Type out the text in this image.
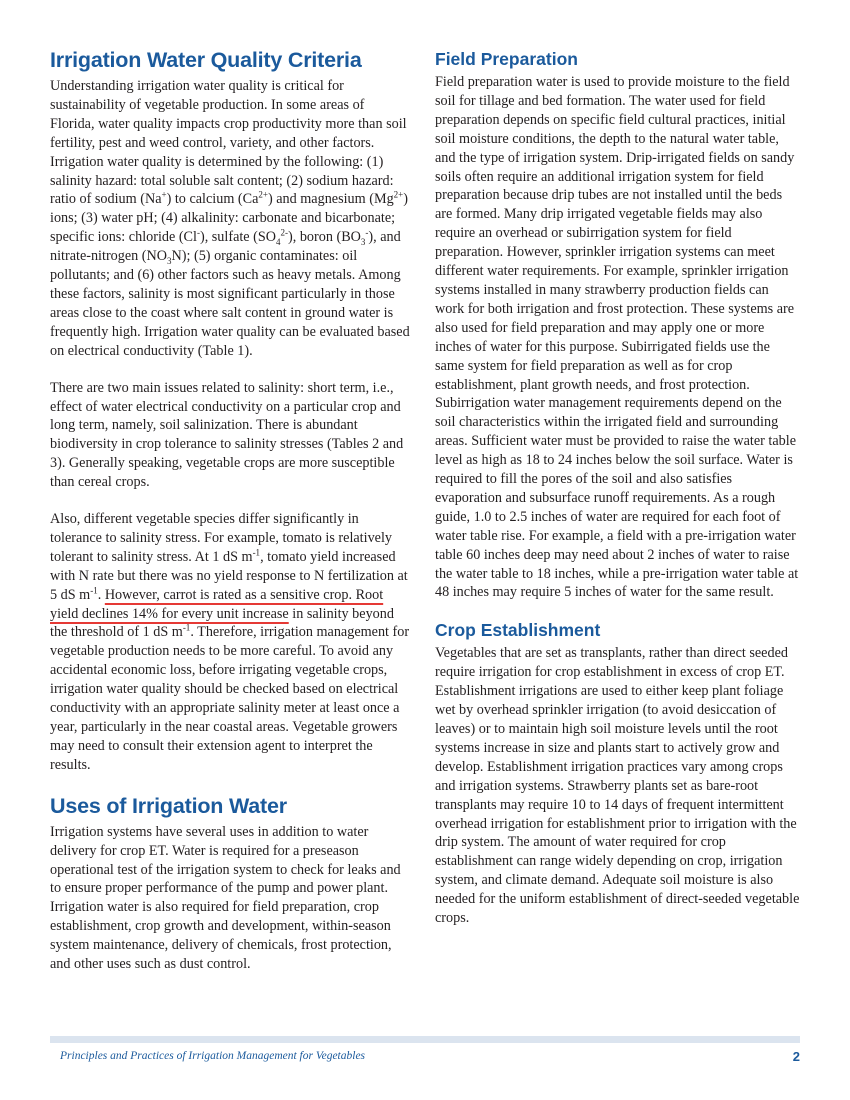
Irrigation Water Quality Criteria

Understanding irrigation water quality is critical for sustainability of vegetable production. In some areas of Florida, water quality impacts crop productivity more than soil fertility, pest and weed control, variety, and other factors. Irrigation water quality is determined by the following: (1) salinity hazard: total soluble salt content; (2) sodium hazard: ratio of sodium (Na+) to calcium $(Ca^{2+})$ and magnesium $(Mg^{2+})$ ions; (3) water pH; (4) alkalinity: carbonate and bicarbonate; specific ions: chloride (Cl-), sulfate $(SO_4^{2-})$, boron $(BO_3^-)$, and nitrate-nitrogen $(NO_3N)$; (5) organic contaminates: oil pollutants; and (6) other factors such as heavy metals. Among these factors, salinity is most significant particularly in those areas close to the coast where salt content in ground water is frequently high. Irrigation water quality can be evaluated based on electrical conductivity (Table 1).

There are two main issues related to salinity: short term, i.e., effect of water electrical conductivity on a particular crop and long term, namely, soil salinization. There is abundant biodiversity in crop tolerance to salinity stresses (Tables 2 and 3). Generally speaking, vegetable crops are more susceptible than cereal crops.

Also, different vegetable species differ significantly in tolerance to salinity stress. For example, tomato is relatively tolerant to salinity stress. At 1 dS $m^{-1}$, tomato yield increased with N rate but there was no yield response to N fertilization at 5 dS $m^{-1}$. However, carrot is rated as a sensitive crop. Root yield declines 14% for every unit increase in salinity beyond the threshold of 1 dS $m^{-1}$. Therefore, irrigation management for vegetable production needs to be more careful. To avoid any accidental economic loss, before irrigating vegetable crops, irrigation water quality should be checked based on electrical conductivity with an appropriate salinity meter at least once a year, particularly in the near coastal areas. Vegetable growers may need to consult their extension agent to interpret the results.

Uses of Irrigation Water

Irrigation systems have several uses in addition to water delivery for crop ET. Water is required for a preseason operational test of the irrigation system to check for leaks and to ensure proper performance of the pump and power plant. Irrigation water is also required for field preparation, crop establishment, crop growth and development, within-season system maintenance, delivery of chemicals, frost protection, and other uses such as dust control.

Field Preparation

Field preparation water is used to provide moisture to the field soil for tillage and bed formation. The water used for field preparation depends on specific field cultural practices, initial soil moisture conditions, the depth to the natural water table, and the type of irrigation system. Drip-irrigated fields on sandy soils often require an additional irrigation system for field preparation because drip tubes are not installed until the beds are formed. Many drip irrigated vegetable fields may also require an overhead or subirrigation system for field preparation. However, sprinkler irrigation systems can meet different water requirements. For example, sprinkler irrigation systems installed in many strawberry production fields can work for both irrigation and frost protection. These systems are also used for field preparation and may apply one or more inches of water for this purpose. Subirrigated fields use the same system for field preparation as well as for crop establishment, plant growth needs, and frost protection. Subirrigation water management requirements depend on the soil characteristics within the irrigated field and surrounding areas. Sufficient water must be provided to raise the water table level as high as 18 to 24 inches below the soil surface. Water is required to fill the pores of the soil and also satisfies evaporation and subsurface runoff requirements. As a rough guide, 1.0 to 2.5 inches of water are required for each foot of water table rise. For example, a field with a pre-irrigation water table 60 inches deep may need about 2 inches of water to raise the water table to 18 inches, while a pre-irrigation water table at 48 inches may require 5 inches of water for the same result.

Crop Establishment

Vegetables that are set as transplants, rather than direct seeded require irrigation for crop establishment in excess of crop ET. Establishment irrigations are used to either keep plant foliage wet by overhead sprinkler irrigation (to avoid desiccation of leaves) or to maintain high soil moisture levels until the root systems increase in size and plants start to actively grow and develop. Establishment irrigation practices vary among crops and irrigation systems. Strawberry plants set as bare-root transplants may require 10 to 14 days of frequent intermittent overhead irrigation for establishment prior to irrigation with the drip system. The amount of water required for crop establishment can range widely depending on crop, irrigation system, and climate demand. Adequate soil moisture is also needed for the uniform establishment of direct-seeded vegetable crops.

Principles and Practices of Irrigation Management for Vegetables	2
